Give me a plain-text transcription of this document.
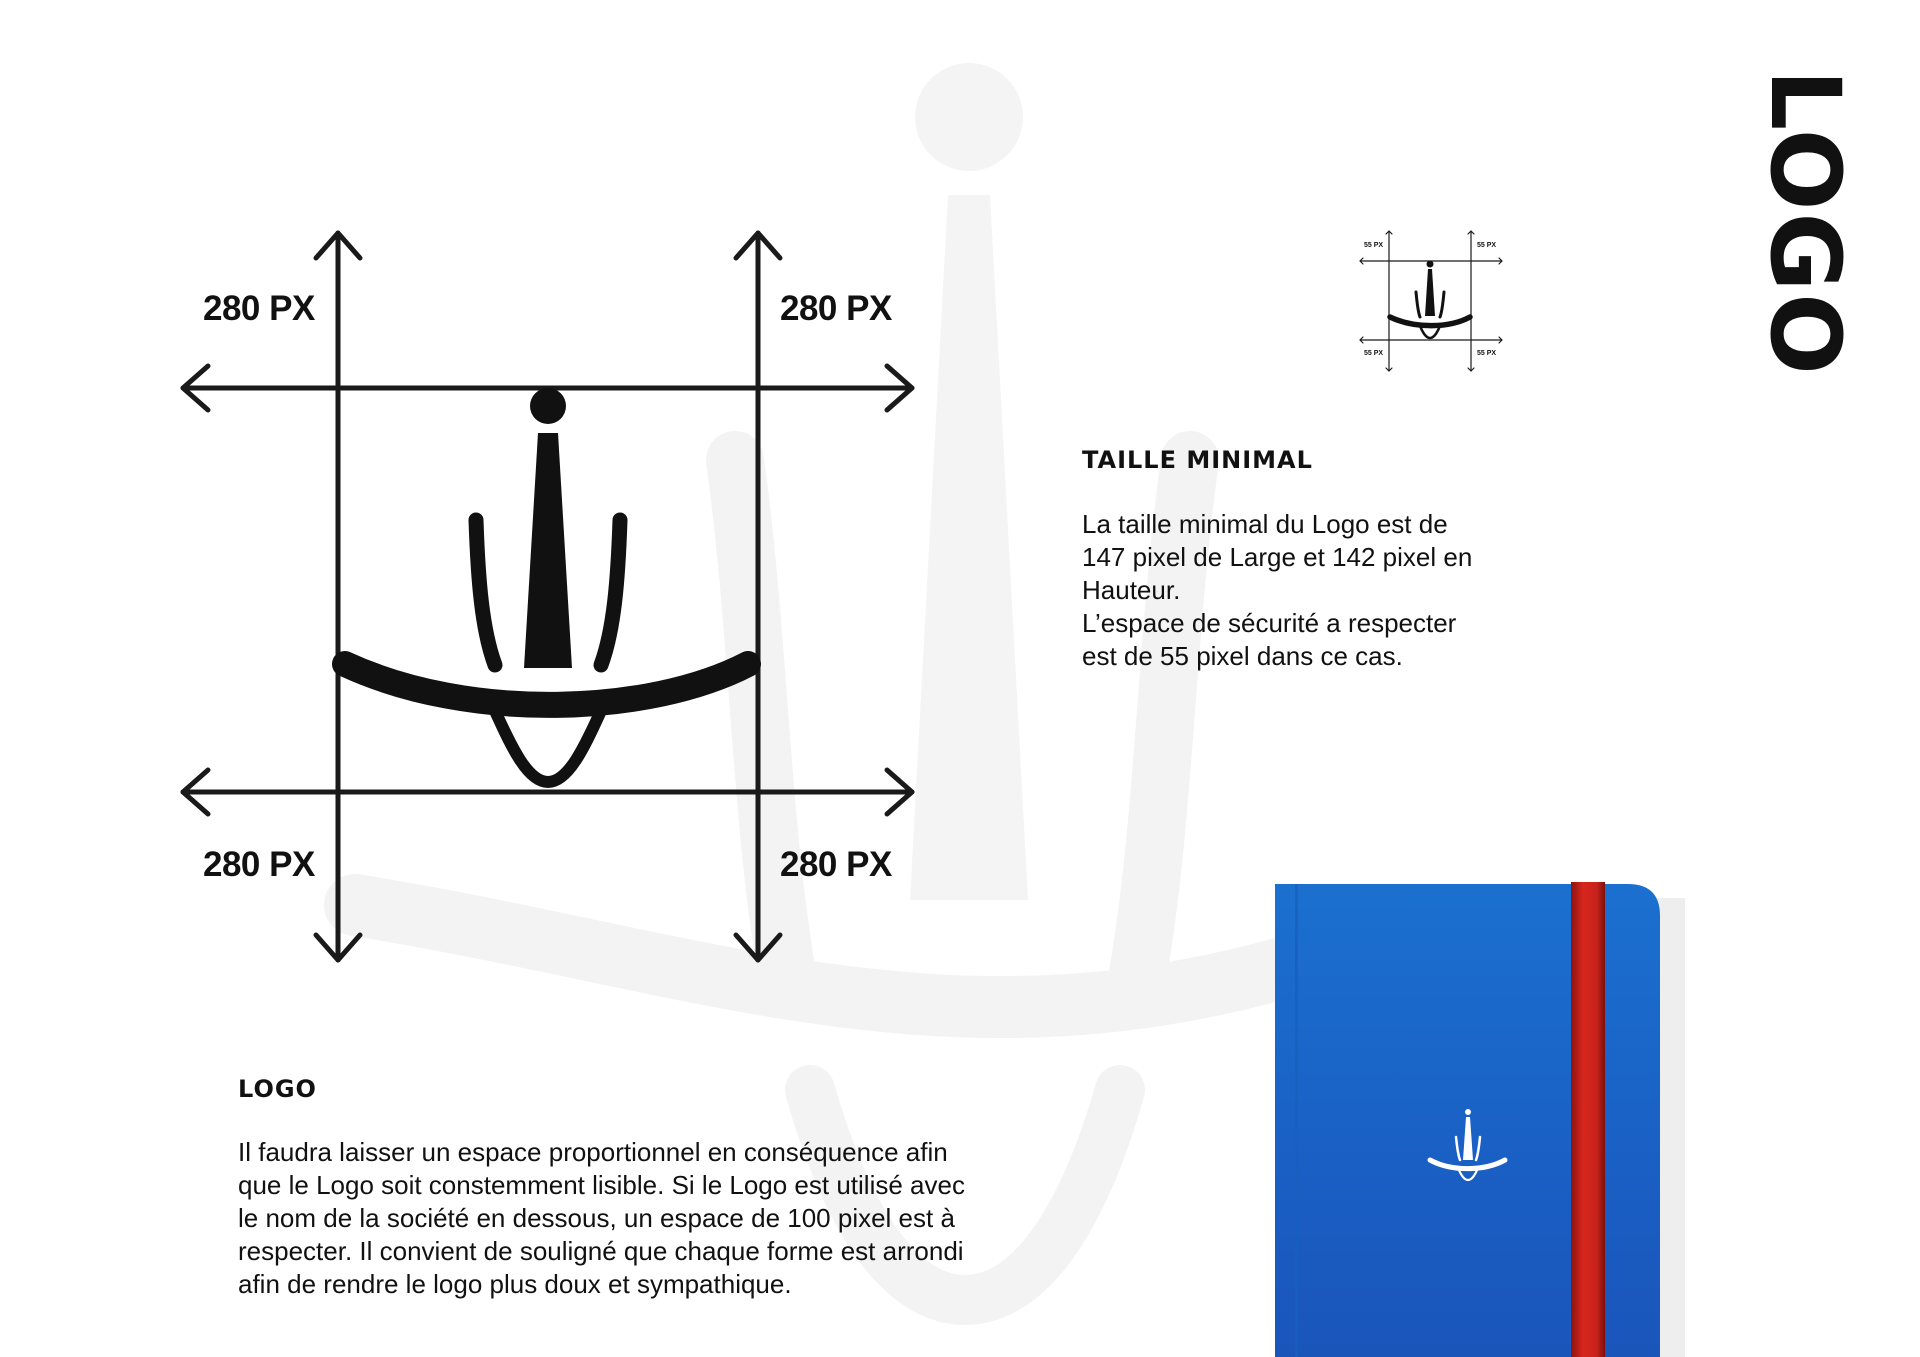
280 PX	280 PX
280 PX	280 PX
LOGO
55 PX	55 PX
55 PX	55 PX
TAILLE MINIMAL
La taille minimal du Logo est de
147 pixel de Large et 142 pixel en
Hauteur.
L’espace de sécurité a respecter
est de 55 pixel dans ce cas.
LOGO
Il faudra laisser un espace proportionnel en conséquence afin
que le Logo soit constemment lisible. Si le Logo est utilisé avec
le nom de la société en dessous, un espace de 100 pixel est à
respecter. Il convient de souligné que chaque forme est arrondi
afin de rendre le logo plus doux et sympathique.
